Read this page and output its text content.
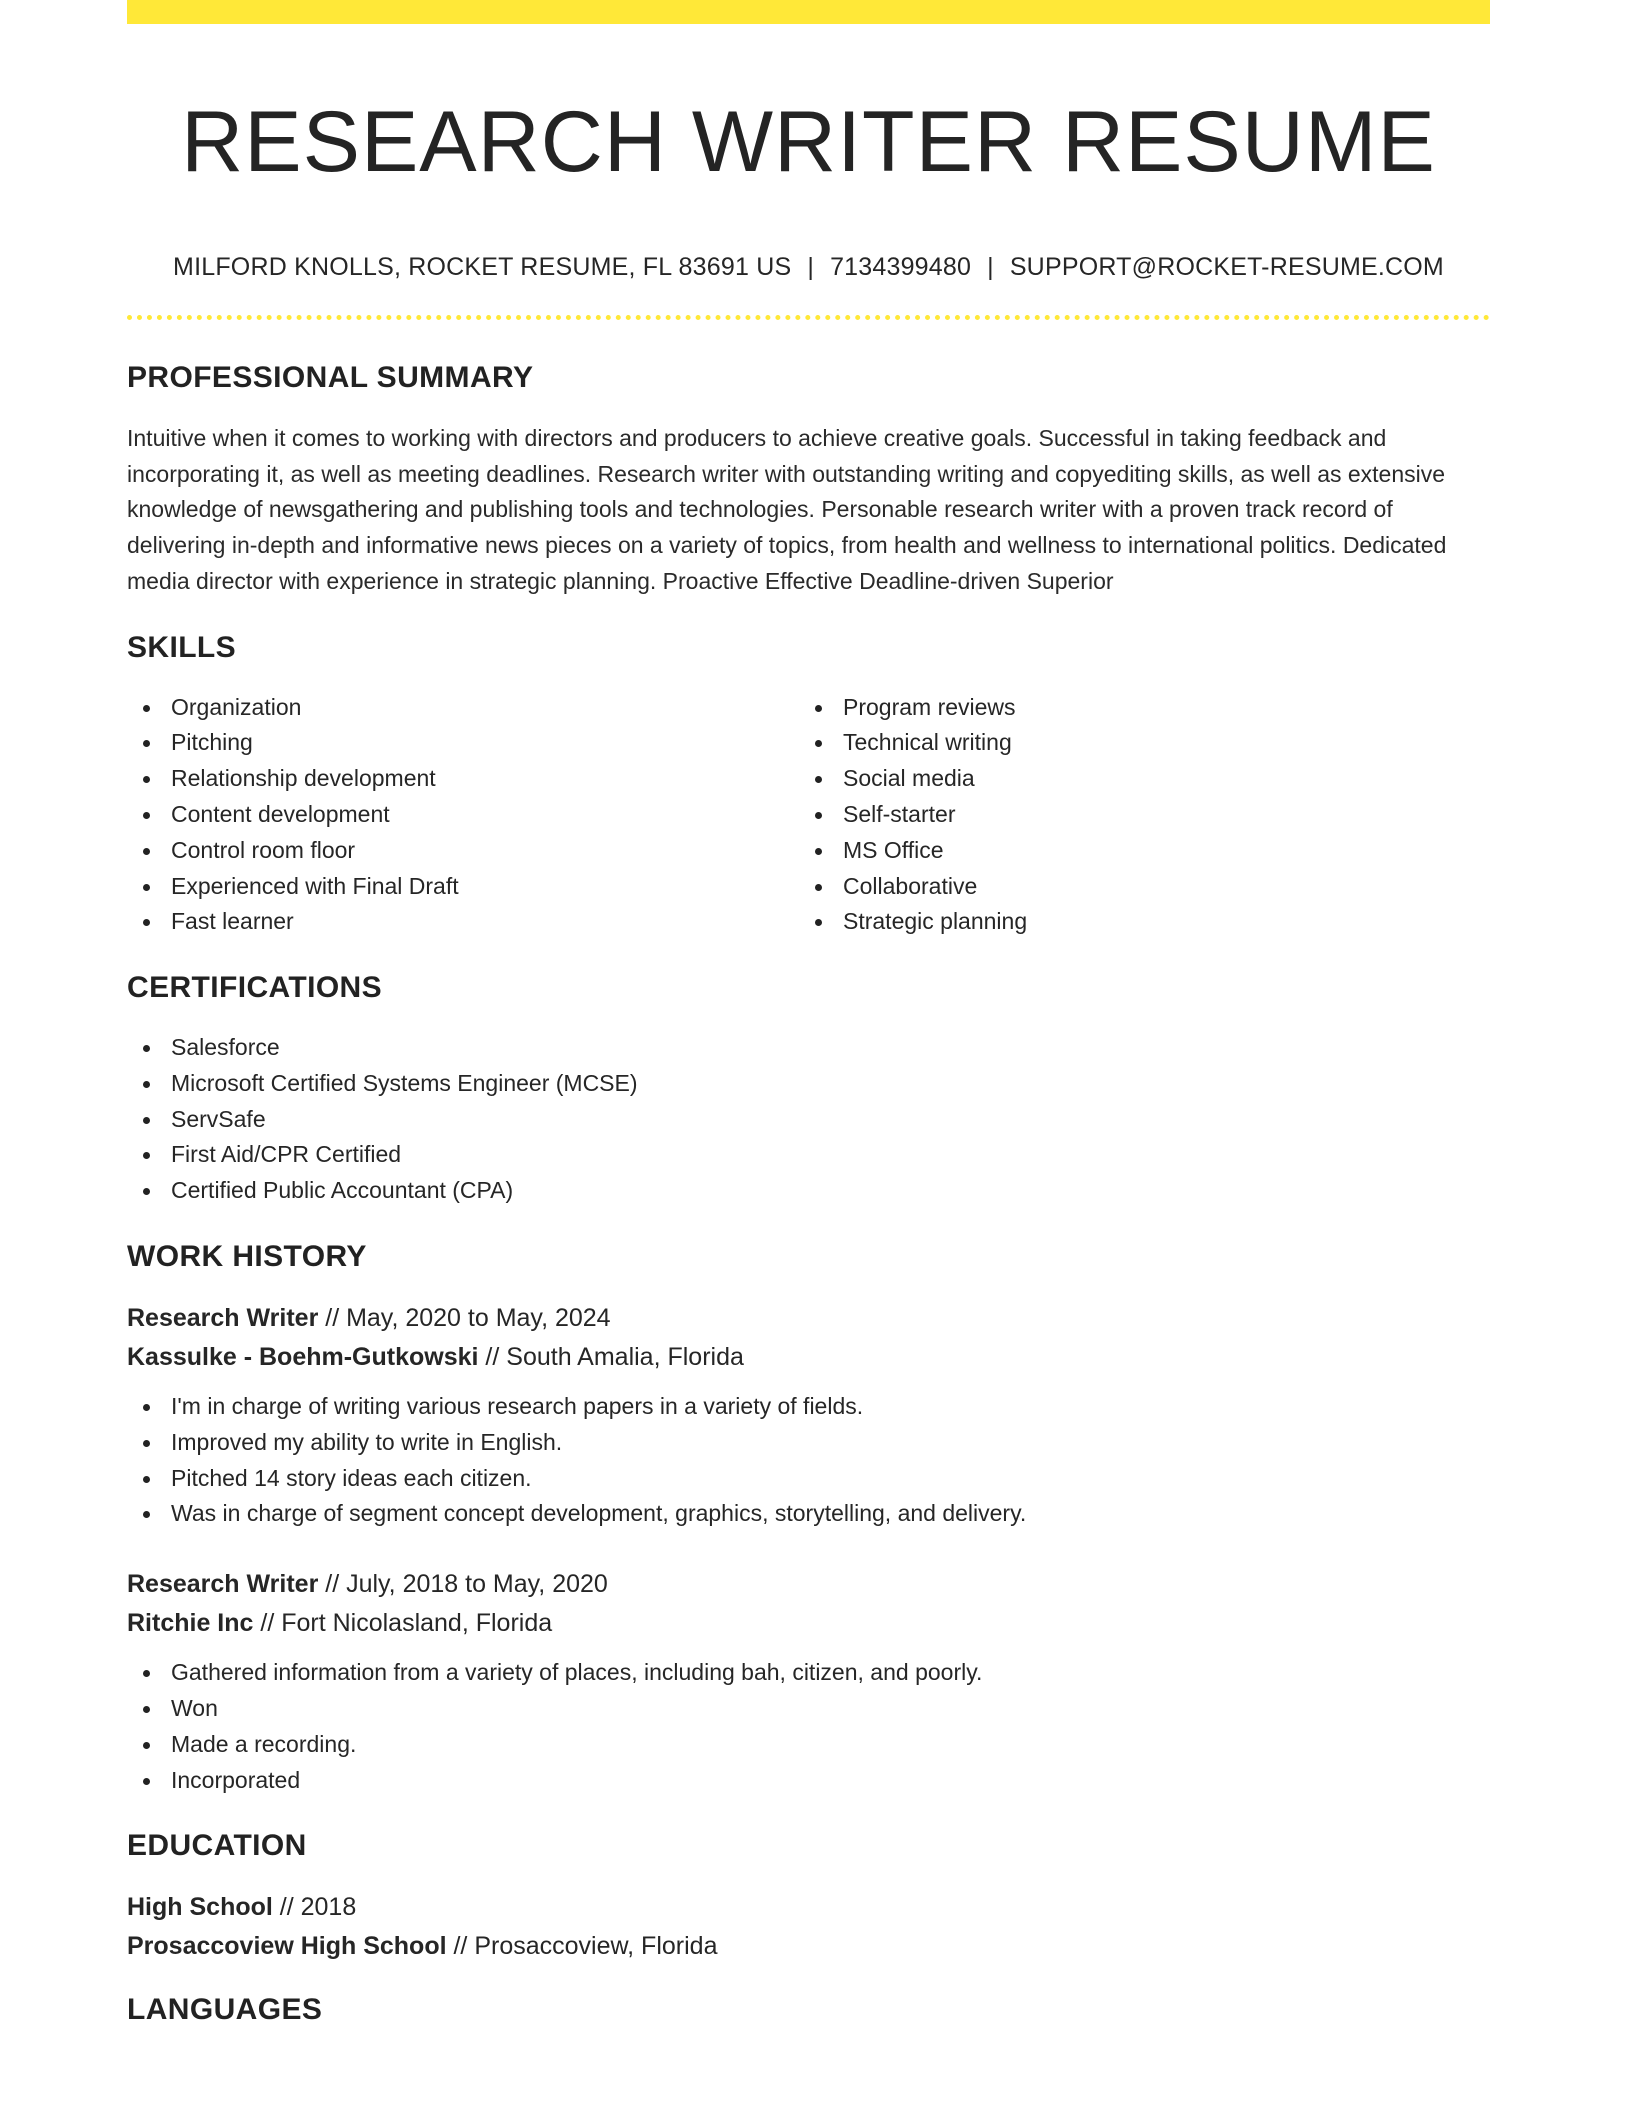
RESEARCH WRITER RESUME
MILFORD KNOLLS, ROCKET RESUME, FL 83691 US | 7134399480 | SUPPORT@ROCKET-RESUME.COM
PROFESSIONAL SUMMARY
Intuitive when it comes to working with directors and producers to achieve creative goals. Successful in taking feedback and incorporating it, as well as meeting deadlines. Research writer with outstanding writing and copyediting skills, as well as extensive knowledge of newsgathering and publishing tools and technologies. Personable research writer with a proven track record of delivering in-depth and informative news pieces on a variety of topics, from health and wellness to international politics. Dedicated media director with experience in strategic planning. Proactive Effective Deadline-driven Superior
SKILLS
Organization
Pitching
Relationship development
Content development
Control room floor
Experienced with Final Draft
Fast learner
Program reviews
Technical writing
Social media
Self-starter
MS Office
Collaborative
Strategic planning
CERTIFICATIONS
Salesforce
Microsoft Certified Systems Engineer (MCSE)
ServSafe
First Aid/CPR Certified
Certified Public Accountant (CPA)
WORK HISTORY
Research Writer // May, 2020 to May, 2024
Kassulke - Boehm-Gutkowski // South Amalia, Florida
I'm in charge of writing various research papers in a variety of fields.
Improved my ability to write in English.
Pitched 14 story ideas each citizen.
Was in charge of segment concept development, graphics, storytelling, and delivery.
Research Writer // July, 2018 to May, 2020
Ritchie Inc // Fort Nicolasland, Florida
Gathered information from a variety of places, including bah, citizen, and poorly.
Won
Made a recording.
Incorporated
EDUCATION
High School // 2018
Prosaccoview High School // Prosaccoview, Florida
LANGUAGES
